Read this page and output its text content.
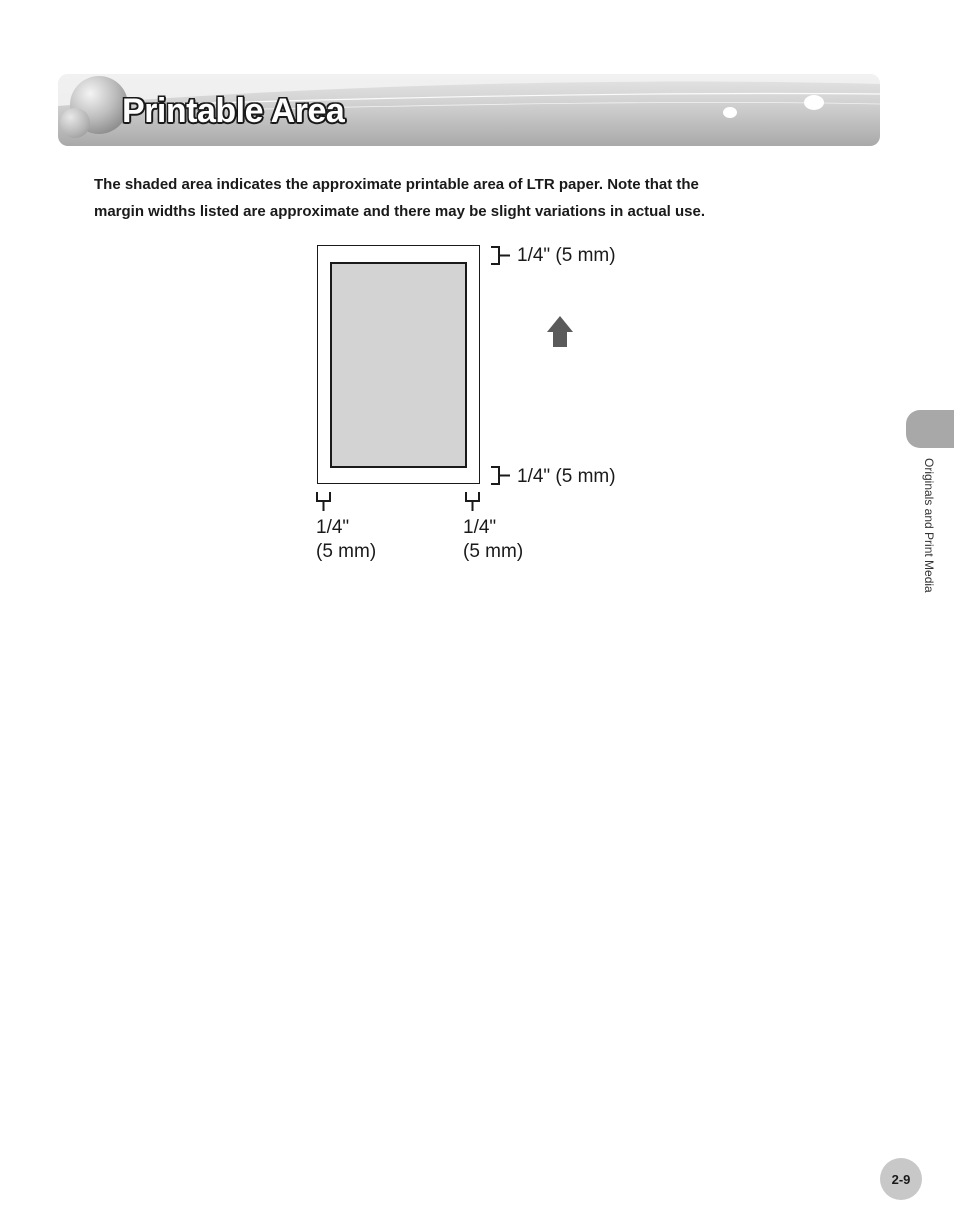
Printable Area

The shaded area indicates the approximate printable area of LTR paper. Note that the
margin widths listed are approximate and there may be slight variations in actual use.

1/4" (5 mm)
1/4" (5 mm)
1/4"
(5 mm)
1/4"
(5 mm)	Originals and Print Media
2-9
